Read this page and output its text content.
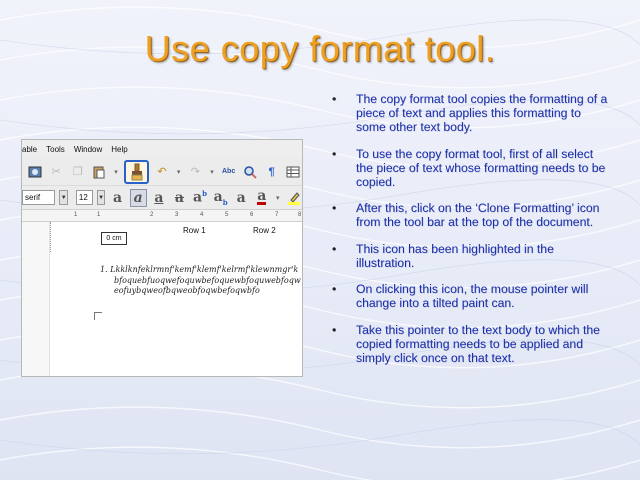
Use copy format tool.
• The copy format tool copies the formatting of a piece of text and applies this formatting to some other text body.
• To use the copy format tool, first of all select the piece of text whose formatting needs to be copied.
• After this, click on the ‘Clone Formatting’ icon from the tool bar at the top of the document.
• This icon has been highlighted in the illustration.
• On clicking this icon, the mouse pointer will change into a tilted paint can.
• Take this pointer to the text body to which the copied formatting needs to be applied and simply click once on that text.
able Tools Window Help
✂ ❐	▾	↶	▾ ↷	▾	Abc	¶
serif	▼	12	▼ a a a a $a^b$ $a_b$ a a ▾
1	1	2	3	4	5	6	7	8
Row 1	Row 2
0 cm
1. Lkklknfeklrmnf'kemf'klemf'kelrmf'klewnmgr'k
bfoquebfuoqwefoquwbefoquewbfoquwebfoqw
eofuybqweofbqweobfoqwbefoqwbfo
